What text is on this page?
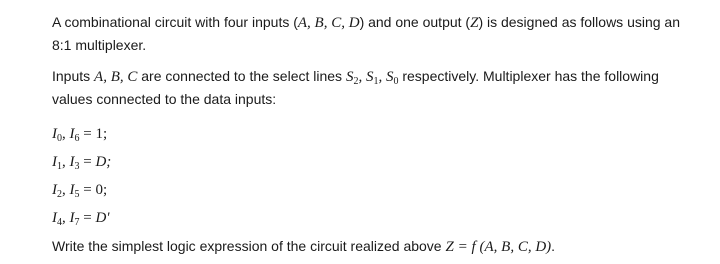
A combinational circuit with four inputs (A, B, C, D) and one output (Z) is designed as follows using an 8:1 multiplexer.

Inputs A, B, C are connected to the select lines $S_2$, $S_1$, $S_0$ respectively. Multiplexer has the following values connected to the data inputs:

$I_0$, $I_6 = 1$;
$I_1$, $I_3 = D$;
$I_2$, $I_5 = 0$;
$I_4$, $I_7 = D'$

Write the simplest logic expression of the circuit realized above Z = f (A, B, C, D).
